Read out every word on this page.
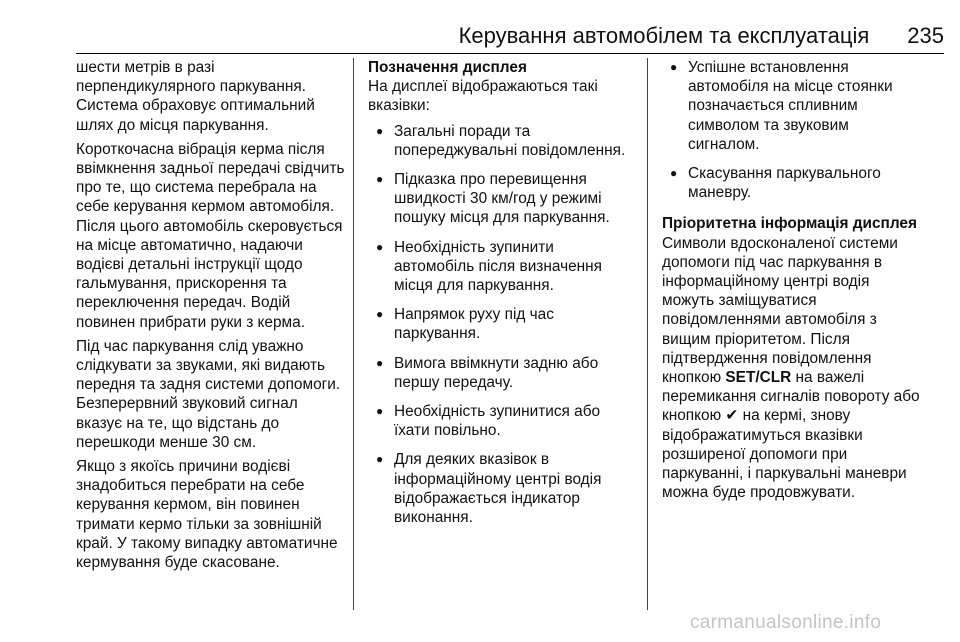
Керування автомобілем та експлуатація 235

шести метрів в разі перпендикулярного паркування. Система обраховує оптимальний шлях до місця паркування.

Короткочасна вібрація керма після ввімкнення задньої передачі свідчить про те, що система перебрала на себе керування кермом автомобіля. Після цього автомобіль скеровується на місце автоматично, надаючи водієві детальні інструкції щодо гальмування, прискорення та переключення передач. Водій повинен прибрати руки з керма.

Під час паркування слід уважно слідкувати за звуками, які видають передня та задня системи допомоги. Безперервний звуковий сигнал вказує на те, що відстань до перешкоди менше 30 см.

Якщо з якоїсь причини водієві знадобиться перебрати на себе керування кермом, він повинен тримати кермо тільки за зовнішній край. У такому випадку автоматичне кермування буде скасоване.

Позначення дисплея

На дисплеї відображаються такі вказівки:

● Загальні поради та попереджувальні повідомлення.
● Підказка про перевищення швидкості 30 км/год у режимі пошуку місця для паркування.
● Необхідність зупинити автомобіль після визначення місця для паркування.
● Напрямок руху під час паркування.
● Вимога ввімкнути задню або першу передачу.
● Необхідність зупинитися або їхати повільно.
● Для деяких вказівок в інформаційному центрі водія відображається індикатор виконання.
● Успішне встановлення автомобіля на місце стоянки позначається спливним символом та звуковим сигналом.
● Скасування паркувального маневру.

Пріоритетна інформація дисплея

Символи вдосконаленої системи допомоги під час паркування в інформаційному центрі водія можуть заміщуватися повідомленнями автомобіля з вищим пріоритетом. Після підтвердження повідомлення кнопкою SET/CLR на важелі перемикання сигналів повороту або кнопкою ✔ на кермі, знову відображатимуться вказівки розширеної допомоги при паркуванні, і паркувальні маневри можна буде продовжувати.

carmanualsonline.info
